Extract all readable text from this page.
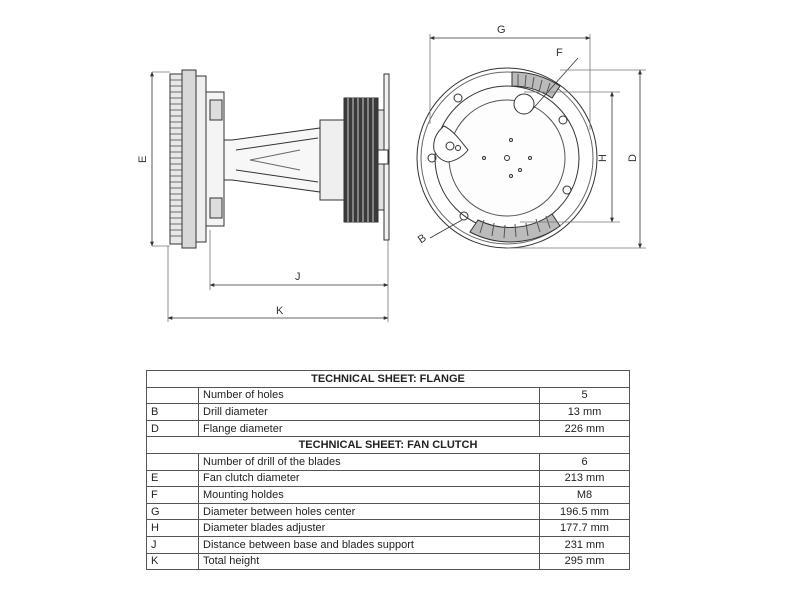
E
J
K
G
F
H D
B
TECHNICAL SHEET: FLANGE		
	Number of holes	5
B	Drill diameter	13 mm
D	Flange diameter	226 mm
TECHNICAL SHEET: FAN CLUTCH		
	Number of drill of the blades	6
E	Fan clutch diameter	213 mm
F	Mounting holdes	M8
G	Diameter between holes center	196.5 mm
H	Diameter blades adjuster	177.7 mm
J	Distance between base and blades support	231 mm
K	Total height	295 mm
